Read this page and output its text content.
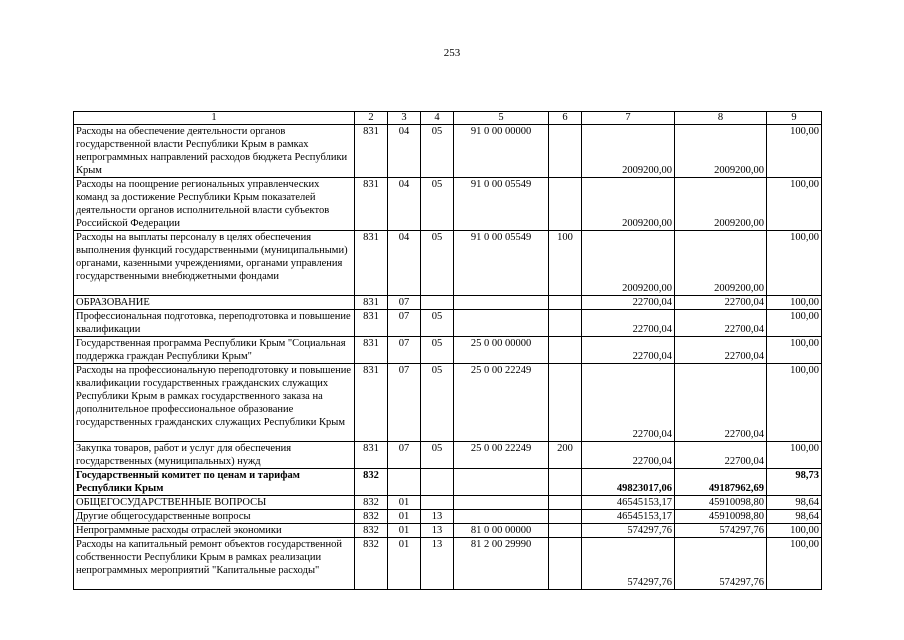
253
1	2	3	4	5	6	7	8	9
Расходы на обеспечение деятельности органов государственной власти Республики Крым в рамках непрограммных направлений расходов бюджета Республики Крым	831	04	05	91 0 00 00000		2009200,00	2009200,00	100,00
Расходы на поощрение региональных управленческих команд за достижение Республики Крым показателей деятельности органов исполнительной власти субъектов Российской Федерации	831	04	05	91 0 00 05549		2009200,00	2009200,00	100,00
Расходы на выплаты персоналу в целях обеспечения выполнения функций государственными (муниципальными) органами, казенными учреждениями, органами управления государственными внебюджетными фондами	831	04	05	91 0 00 05549	100	2009200,00	2009200,00	100,00
ОБРАЗОВАНИЕ	831	07				22700,04	22700,04	100,00
Профессиональная подготовка, переподготовка и повышение квалификации	831	07	05			22700,04	22700,04	100,00
Государственная программа Республики Крым "Социальная поддержка граждан Республики Крым"	831	07	05	25 0 00 00000		22700,04	22700,04	100,00
Расходы на профессиональную переподготовку и повышение квалификации государственных гражданских служащих Республики Крым в рамках государственного заказа на дополнительное профессиональное образование государственных гражданских служащих Республики Крым	831	07	05	25 0 00 22249		22700,04	22700,04	100,00
Закупка товаров, работ и услуг для обеспечения государственных (муниципальных) нужд	831	07	05	25 0 00 22249	200	22700,04	22700,04	100,00
Государственный комитет по ценам и тарифам Республики Крым	832					49823017,06	49187962,69	98,73
ОБЩЕГОСУДАРСТВЕННЫЕ ВОПРОСЫ	832	01				46545153,17	45910098,80	98,64
Другие общегосударственные вопросы	832	01	13			46545153,17	45910098,80	98,64
Непрограммные расходы отраслей экономики	832	01	13	81 0 00 00000		574297,76	574297,76	100,00
Расходы на капитальный ремонт объектов государственной собственности Республики Крым в рамках реализации непрограммных мероприятий "Капитальные расходы"	832	01	13	81 2 00 29990		574297,76	574297,76	100,00
